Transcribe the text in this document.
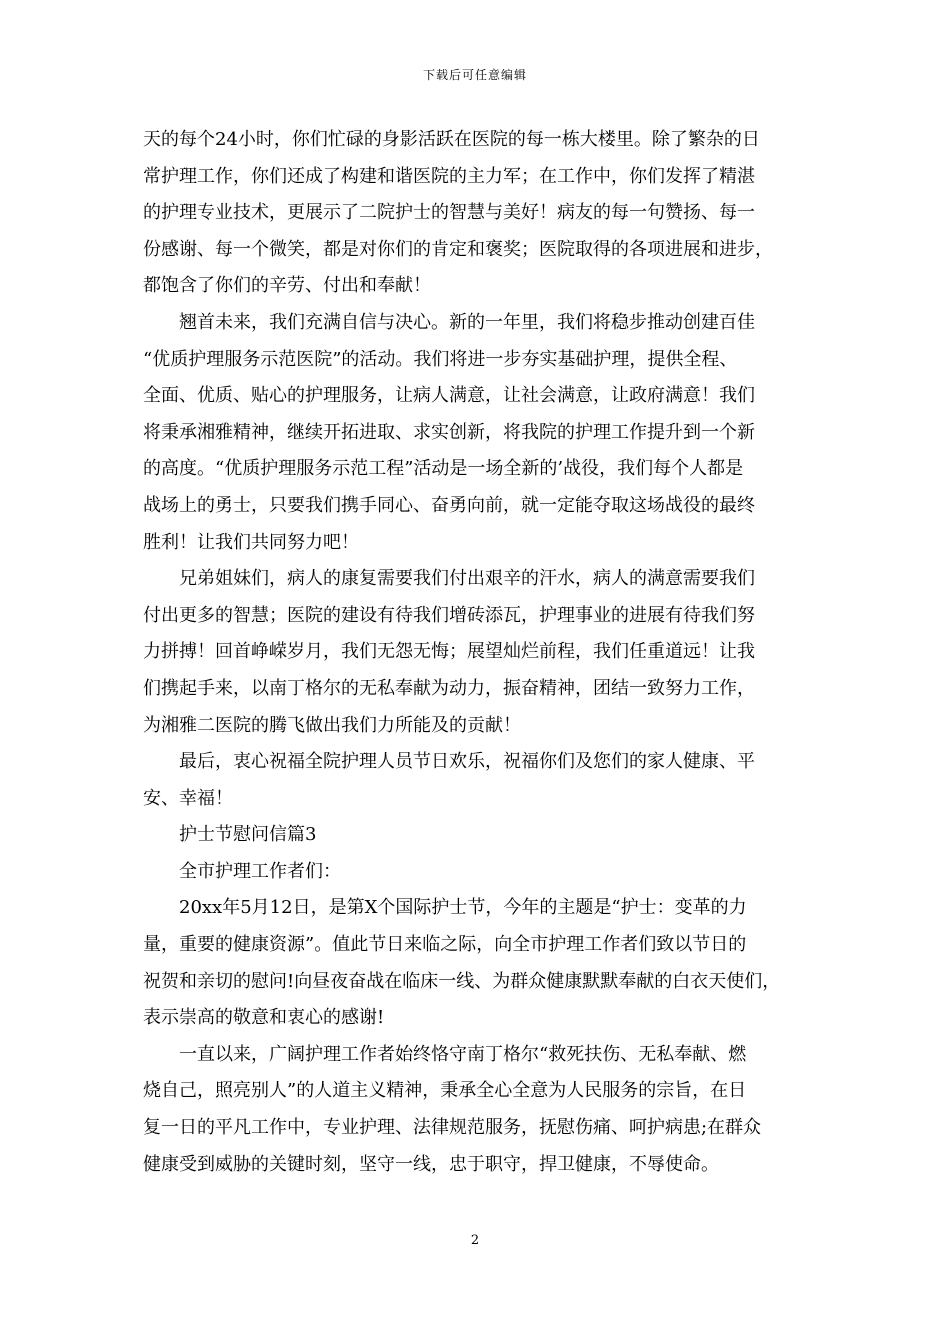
下载后可任意编辑

天的每个24小时，你们忙碌的身影活跃在医院的每一栋大楼里。除了繁杂的日

常护理工作，你们还成了构建和谐医院的主力军；在工作中，你们发挥了精湛

的护理专业技术，更展示了二院护士的智慧与美好！病友的每一句赞扬、每一

份感谢、每一个微笑，都是对你们的肯定和褒奖；医院取得的各项进展和进步，

都饱含了你们的辛劳、付出和奉献！

　　翘首未来，我们充满自信与决心。新的一年里，我们将稳步推动创建百佳

“优质护理服务示范医院”的活动。我们将进一步夯实基础护理，提供全程、

全面、优质、贴心的护理服务，让病人满意，让社会满意，让政府满意！我们

将秉承湘雅精神，继续开拓进取、求实创新，将我院的护理工作提升到一个新

的高度。“优质护理服务示范工程”活动是一场全新的’战役，我们每个人都是

战场上的勇士，只要我们携手同心、奋勇向前，就一定能夺取这场战役的最终

胜利！让我们共同努力吧！

　　兄弟姐妹们，病人的康复需要我们付出艰辛的汗水，病人的满意需要我们

付出更多的智慧；医院的建设有待我们增砖添瓦，护理事业的进展有待我们努

力拼搏！回首峥嵘岁月，我们无怨无悔；展望灿烂前程，我们任重道远！让我

们携起手来，以南丁格尔的无私奉献为动力，振奋精神，团结一致努力工作，

为湘雅二医院的腾飞做出我们力所能及的贡献！

　　最后，衷心祝福全院护理人员节日欢乐，祝福你们及您们的家人健康、平

安、幸福！

　　护士节慰问信篇3

　　全市护理工作者们：

　　20xx年5月12日，是第X个国际护士节，今年的主题是“护士：变革的力

量，重要的健康资源”。值此节日来临之际，向全市护理工作者们致以节日的

祝贺和亲切的慰问!向昼夜奋战在临床一线、为群众健康默默奉献的白衣天使们，

表示崇高的敬意和衷心的感谢!

　　一直以来，广阔护理工作者始终恪守南丁格尔“救死扶伤、无私奉献、燃

烧自己，照亮别人”的人道主义精神，秉承全心全意为人民服务的宗旨，在日

复一日的平凡工作中，专业护理、法律规范服务，抚慰伤痛、呵护病患;在群众

健康受到威胁的关键时刻，坚守一线，忠于职守，捍卫健康，不辱使命。

2
